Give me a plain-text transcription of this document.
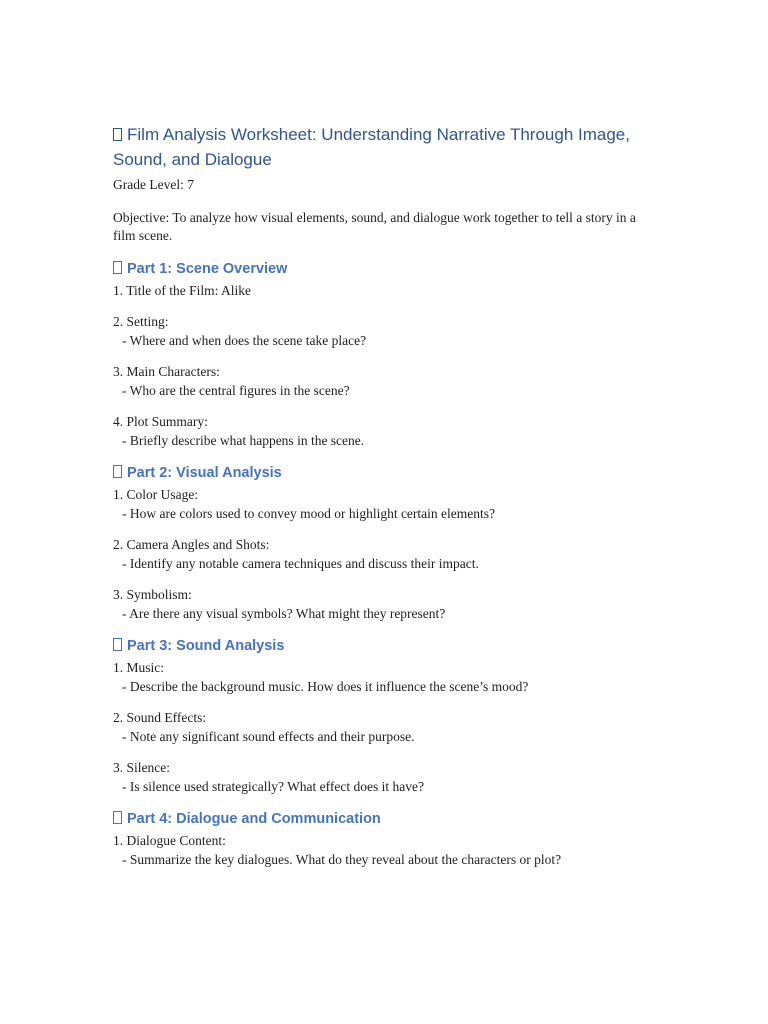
Film Analysis Worksheet: Understanding Narrative Through Image, Sound, and Dialogue

Grade Level: 7

Objective: To analyze how visual elements, sound, and dialogue work together to tell a story in a film scene.

Part 1: Scene Overview
1. Title of the Film: Alike
2. Setting:
- Where and when does the scene take place?
3. Main Characters:
- Who are the central figures in the scene?
4. Plot Summary:
- Briefly describe what happens in the scene.
Part 2: Visual Analysis
1. Color Usage:
- How are colors used to convey mood or highlight certain elements?
2. Camera Angles and Shots:
- Identify any notable camera techniques and discuss their impact.
3. Symbolism:
- Are there any visual symbols? What might they represent?
Part 3: Sound Analysis
1. Music:
- Describe the background music. How does it influence the scene’s mood?
2. Sound Effects:
- Note any significant sound effects and their purpose.
3. Silence:
- Is silence used strategically? What effect does it have?
Part 4: Dialogue and Communication
1. Dialogue Content:
- Summarize the key dialogues. What do they reveal about the characters or plot?
